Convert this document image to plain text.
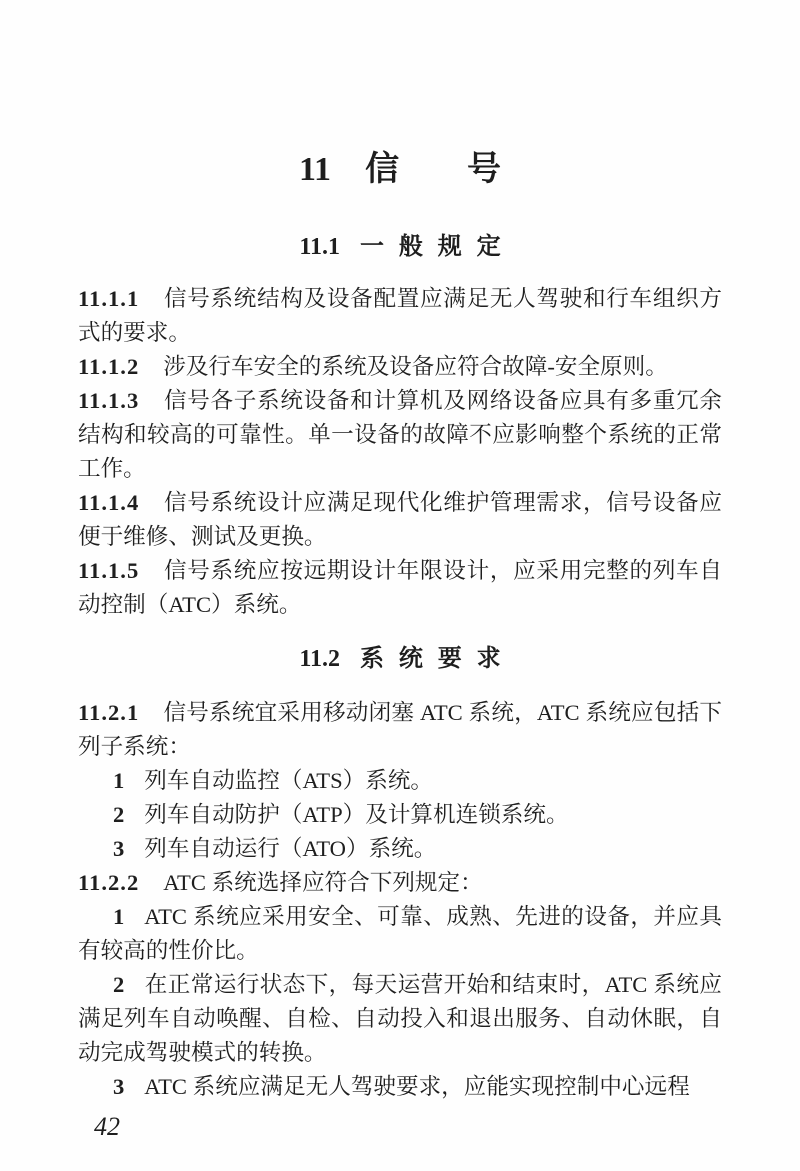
11 信号
11.1 一般规定

11.1.1 信号系统结构及设备配置应满足无人驾驶和行车组织方式的要求。

11.1.2 涉及行车安全的系统及设备应符合故障-安全原则。

11.1.3 信号各子系统设备和计算机及网络设备应具有多重冗余结构和较高的可靠性。单一设备的故障不应影响整个系统的正常工作。

11.1.4 信号系统设计应满足现代化维护管理需求，信号设备应便于维修、测试及更换。

11.1.5 信号系统应按远期设计年限设计，应采用完整的列车自动控制（ATC）系统。

11.2 系统要求

11.2.1 信号系统宜采用移动闭塞 ATC 系统，ATC 系统应包括下列子系统：

1 列车自动监控（ATS）系统。

2 列车自动防护（ATP）及计算机连锁系统。

3 列车自动运行（ATO）系统。

11.2.2 ATC 系统选择应符合下列规定：

1 ATC 系统应采用安全、可靠、成熟、先进的设备，并应具有较高的性价比。

2 在正常运行状态下，每天运营开始和结束时，ATC 系统应满足列车自动唤醒、自检、自动投入和退出服务、自动休眠，自动完成驾驶模式的转换。

3 ATC 系统应满足无人驾驶要求，应能实现控制中心远程

42
